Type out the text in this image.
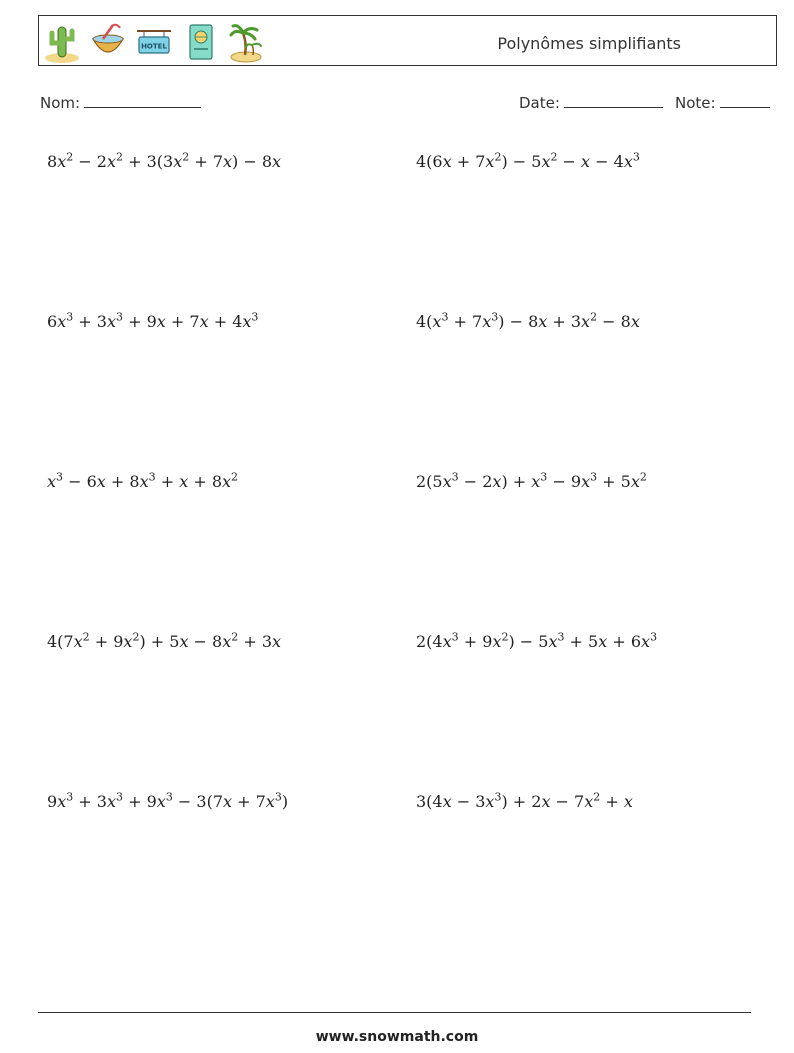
HOTEL	Polynômes simplifiants
Nom:	Date:	Note:
$8x^2 - 2x^2 + 3(3x^2 + 7x) - 8x$	$4(6x + 7x^2) - 5x^2 - x - 4x^3$
$6x^3 + 3x^3 + 9x + 7x + 4x^3$	$4(x^3 + 7x^3) - 8x + 3x^2 - 8x$
$x^3 - 6x + 8x^3 + x + 8x^2$	$2(5x^3 - 2x) + x^3 - 9x^3 + 5x^2$
$4(7x^2 + 9x^2) + 5x - 8x^2 + 3x$	$2(4x^3 + 9x^2) - 5x^3 + 5x + 6x^3$
$9x^3 + 3x^3 + 9x^3 - 3(7x + 7x^3)$	$3(4x - 3x^3) + 2x - 7x^2 + x$
www.snowmath.com
